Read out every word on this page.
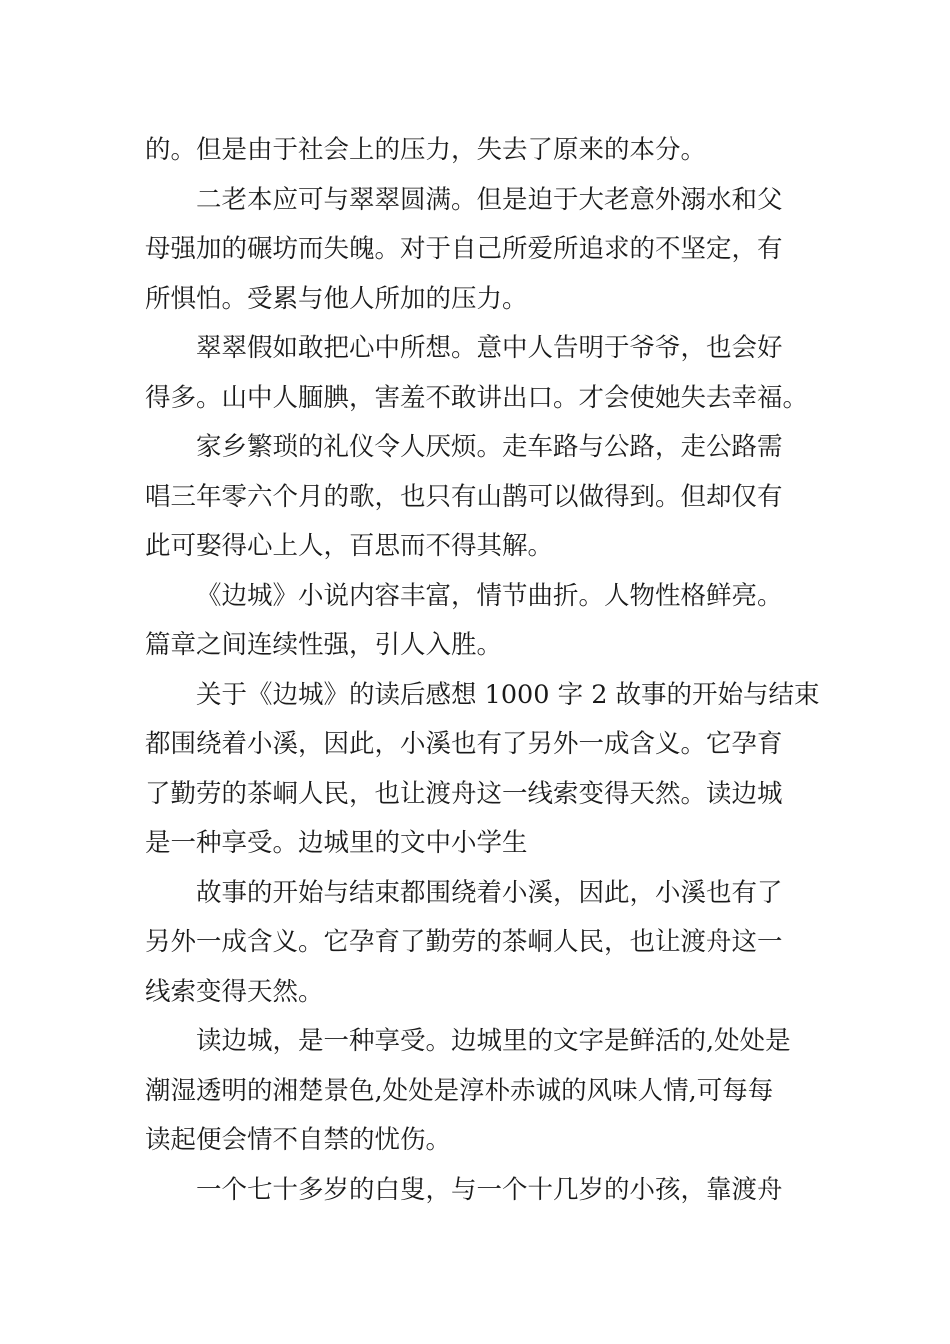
的。但是由于社会上的压力，失去了原来的本分。
二老本应可与翠翠圆满。但是迫于大老意外溺水和父
母强加的碾坊而失魄。对于自己所爱所追求的不坚定，有
所惧怕。受累与他人所加的压力。
翠翠假如敢把心中所想。意中人告明于爷爷，也会好
得多。山中人腼腆，害羞不敢讲出口。才会使她失去幸福。
家乡繁琐的礼仪令人厌烦。走车路与公路，走公路需
唱三年零六个月的歌，也只有山鹊可以做得到。但却仅有
此可娶得心上人，百思而不得其解。
《边城》小说内容丰富，情节曲折。人物性格鲜亮。
篇章之间连续性强，引人入胜。
关于《边城》的读后感想 1000 字 2 故事的开始与结束
都围绕着小溪，因此，小溪也有了另外一成含义。它孕育
了勤劳的茶峒人民，也让渡舟这一线索变得天然。读边城
是一种享受。边城里的文中小学生
故事的开始与结束都围绕着小溪，因此，小溪也有了
另外一成含义。它孕育了勤劳的茶峒人民，也让渡舟这一
线索变得天然。
读边城，是一种享受。边城里的文字是鲜活的,处处是
潮湿透明的湘楚景色,处处是淳朴赤诚的风味人情,可每每
读起便会情不自禁的忧伤。
一个七十多岁的白叟，与一个十几岁的小孩，靠渡舟
